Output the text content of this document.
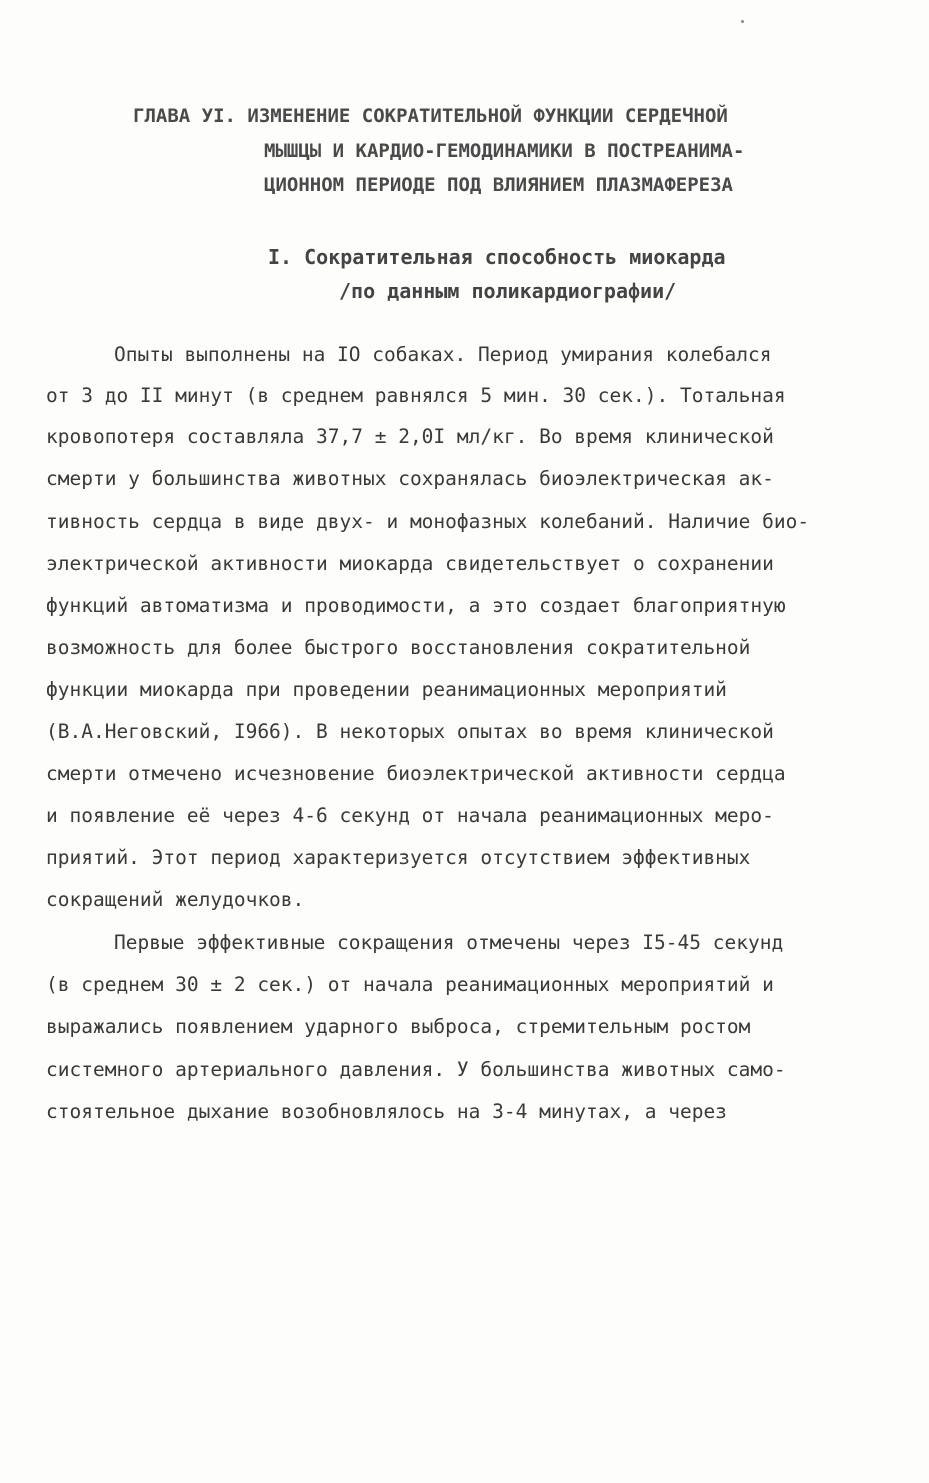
ГЛАВА УI. ИЗМЕНЕНИЕ СОКРАТИТЕЛЬНОЙ ФУНКЦИИ СЕРДЕЧНОЙ
МЫШЦЫ И КАРДИО-ГЕМОДИНАМИКИ В ПОСТРЕАНИМА-
ЦИОННОМ ПЕРИОДЕ ПОД ВЛИЯНИЕМ ПЛАЗМАФЕРЕЗА
I. Сократительная способность миокарда
/по данным поликардиографии/
Опыты выполнены на IO собаках. Период умирания колебался
от 3 до II минут (в среднем равнялся 5 мин. 30 сек.). Тотальная
кровопотеря составляла 37,7 ± 2,0I мл/кг. Во время клинической
смерти у большинства животных сохранялась биоэлектрическая ак-
тивность сердца в виде двух- и монофазных колебаний. Наличие био-
электрической активности миокарда свидетельствует о сохранении
функций автоматизма и проводимости, а это создает благоприятную
возможность для более быстрого восстановления сократительной
функции миокарда при проведении реанимационных мероприятий
(В.А.Неговский, I966). В некоторых опытах во время клинической
смерти отмечено исчезновение биоэлектрической активности сердца
и появление её через 4-6 секунд от начала реанимационных меро-
приятий. Этот период характеризуется отсутствием эффективных
сокращений желудочков.
Первые эффективные сокращения отмечены через I5-45 секунд
(в среднем 30 ± 2 сек.) от начала реанимационных мероприятий и
выражались появлением ударного выброса, стремительным ростом
системного артериального давления. У большинства животных само-
стоятельное дыхание возобновлялось на 3-4 минутах, а через
